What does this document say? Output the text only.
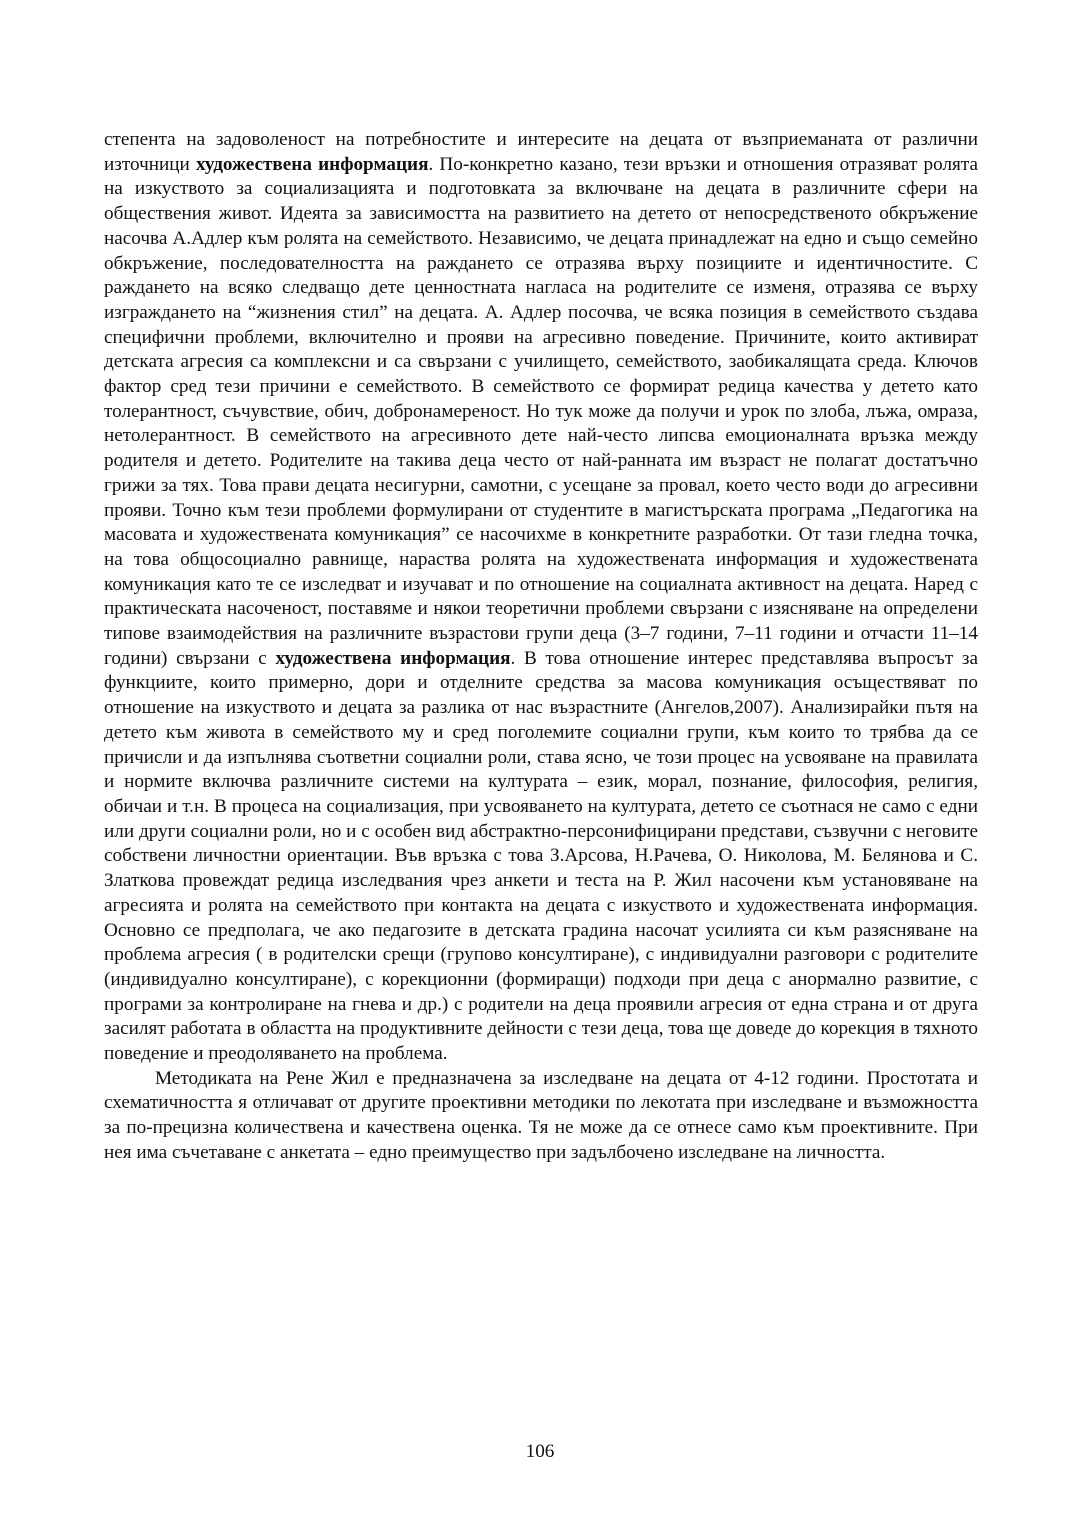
степента на задоволеност на потребностите и интересите на децата от възприеманата от различни източници художествена информация. По-конкретно казано, тези връзки и отношения отразяват ролята на изкуството за социализацията и подготовката за включване на децата в различните сфери на обществения живот. Идеята за зависимостта на развитието на детето от непосредственото обкръжение насочва А.Адлер към ролята на семейството. Независимо, че децата принадлежат на едно и също семейно обкръжение, последователността на раждането се отразява върху позициите и идентичностите. С раждането на всяко следващо дете ценностната нагласа на родителите се изменя, отразява се върху изграждането на “жизнения стил” на децата. А. Адлер посочва, че всяка позиция в семейството създава специфични проблеми, включително и прояви на агресивно поведение. Причините, които активират детската агресия са комплексни и са свързани с училището, семейството, заобикалящата среда. Ключов фактор сред тези причини е семейството. В семейството се формират редица качества у детето като толерантност, съчувствие, обич, добронамереност. Но тук може да получи и урок по злоба, лъжа, омраза, нетолерантност. В семейството на агресивното дете най-често липсва емоционалната връзка между родителя и детето. Родителите на такива деца често от най-ранната им възраст не полагат достатъчно грижи за тях. Това прави децата несигурни, самотни, с усещане за провал, което често води до агресивни прояви. Точно към тези проблеми формулирани от студентите в магистърската програма „Педагогика на масовата и художествената комуникация” се насочихме в конкретните разработки. От тази гледна точка, на това общосоциално равнище, нараства ролята на художествената информация и художествената комуникация като те се изследват и изучават и по отношение на социалната активност на децата. Наред с практическата насоченост, поставяме и някои теоретични проблеми свързани с изясняване на определени типове взаимодействия на различните възрастови групи деца (3–7 години, 7–11 години и отчасти 11–14 години) свързани с художествена информация. В това отношение интерес представлява въпросът за функциите, които примерно, дори и отделните средства за масова комуникация осъществяват по отношение на изкуството и децата за разлика от нас възрастните (Ангелов,2007). Анализирайки пътя на детето към живота в семейството му и сред поголемите социални групи, към които то трябва да се причисли и да изпълнява съответни социални роли, става ясно, че този процес на усвояване на правилата и нормите включва различните системи на културата – език, морал, познание, философия, религия, обичаи и т.н. В процеса на социализация, при усвояването на културата, детето се съотнася не само с едни или други социални роли, но и с особен вид абстрактно-персонифицирани представи, съзвучни с неговите собствени личностни ориентации. Във връзка с това З.Арсова, Н.Рачева, О. Николова, М. Белянова и С. Златкова провеждат редица изследвания чрез анкети и теста на Р. Жил насочени към установяване на агресията и ролята на семейството при контакта на децата с изкуството и художествената информация. Основно се предполага, че ако педагозите в детската градина насочат усилията си към разясняване на проблема агресия ( в родителски срещи (групово консултиране), с индивидуални разговори с родителите (индивидуално консултиране), с корекционни (формиращи) подходи при деца с анормално развитие, с програми за контролиране на гнева и др.) с родители на деца проявили агресия от една страна и от друга засилят работата в областта на продуктивните дейности с тези деца, това ще доведе до корекция в тяхното поведение и преодоляването на проблема.

Методиката на Рене Жил е предназначена за изследване на децата от 4-12 години. Простотата и схематичността я отличават от другите проективни методики по лекотата при изследване и възможността за по-прецизна количествена и качествена оценка. Тя не може да се отнесе само към проективните. При нея има съчетаване с анкетата – едно преимущество при задълбочено изследване на личността.

106
